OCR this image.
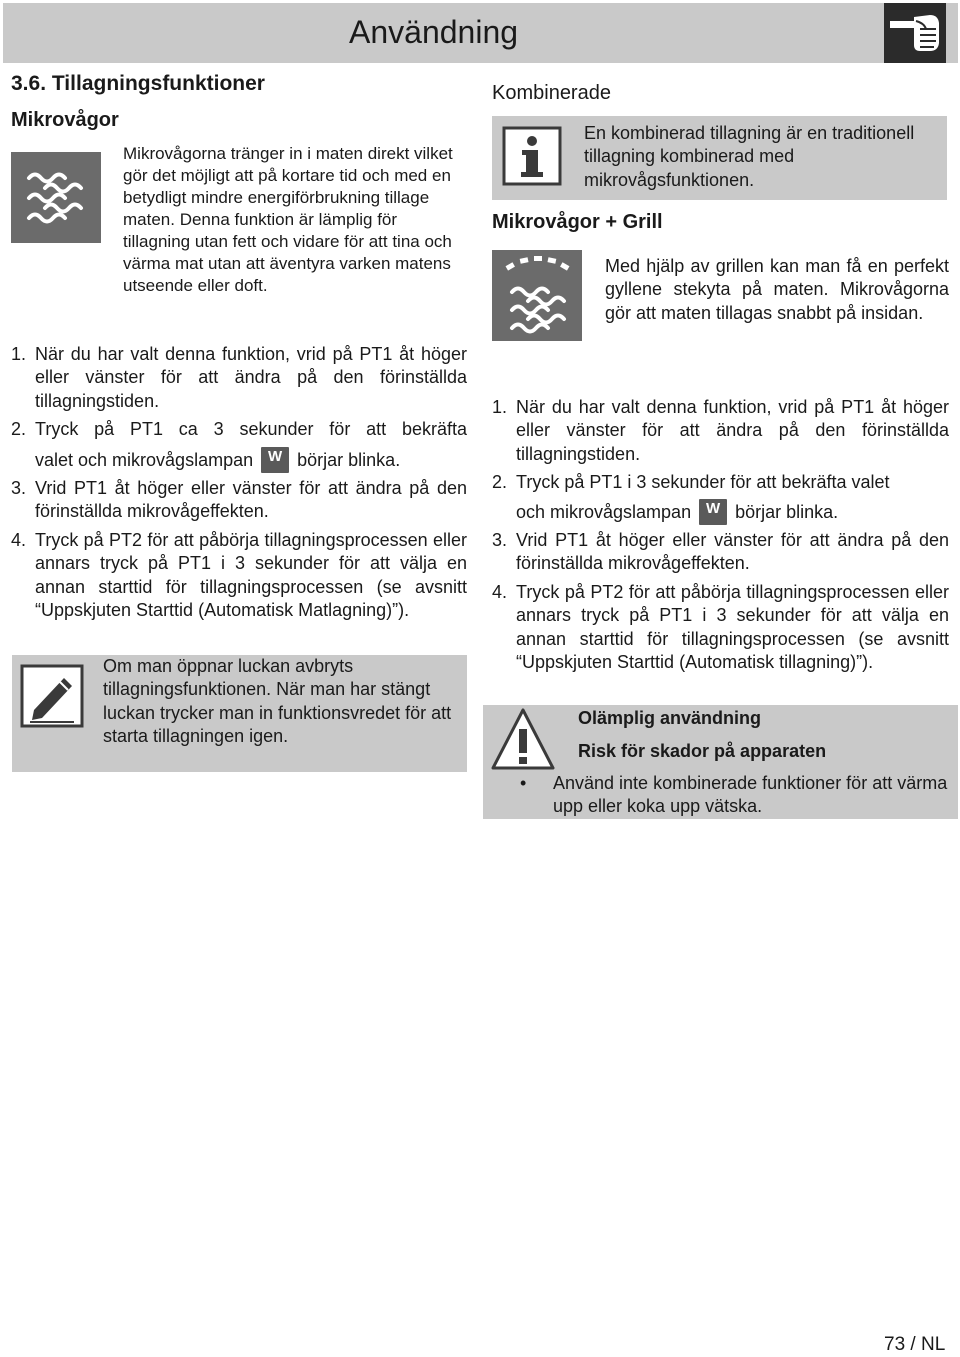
Användning
3.6. Tillagningsfunktioner
Mikrovågor
Mikrovågorna tränger in i maten direkt vilket gör det möjligt att på kortare tid och med en betydligt mindre energiförbrukning tillage maten. Denna funktion är lämplig för tillagning utan fett och vidare för att tina och värma mat utan att äventyra varken matens utseende eller doft.
1. När du har valt denna funktion, vrid på PT1 åt höger eller vänster för att ändra på den förinställda tillagningstiden.
2. Tryck på PT1 ca 3 sekunder för att bekräfta
valet och mikrovågslampan W börjar blinka.
3. Vrid PT1 åt höger eller vänster för att ändra på den förinställda mikrovågeffekten.
4. Tryck på PT2 för att påbörja tillagningsprocessen eller annars tryck på PT1 i 3 sekunder för att välja en annan starttid för tillagningsprocessen (se avsnitt “Uppskjuten Starttid (Automatisk Matlagning)”).
Om man öppnar luckan avbryts tillagningsfunktionen. När man har stängt luckan trycker man in funktionsvredet för att starta tillagningen igen.
Kombinerade
En kombinerad tillagning är en traditionell tillagning kombinerad med mikrovågsfunktionen.
Mikrovågor + Grill
Med hjälp av grillen kan man få en perfekt gyllene stekyta på maten. Mikrovågorna gör att maten tillagas snabbt på insidan.
1. När du har valt denna funktion, vrid på PT1 åt höger eller vänster för att ändra på den förinställda tillagningstiden.
2. Tryck på PT1 i 3 sekunder för att bekräfta valet
och mikrovågslampan W börjar blinka.
3. Vrid PT1 åt höger eller vänster för att ändra på den förinställda mikrovågeffekten.
4. Tryck på PT2 för att påbörja tillagningsprocessen eller annars tryck på PT1 i 3 sekunder för att välja en annan starttid för tillagningsprocessen (se avsnitt “Uppskjuten Starttid (Automatisk tillagning)”).
Olämplig användning
Risk för skador på apparaten
• Använd inte kombinerade funktioner för att värma upp eller koka upp vätska.
73 / NL
